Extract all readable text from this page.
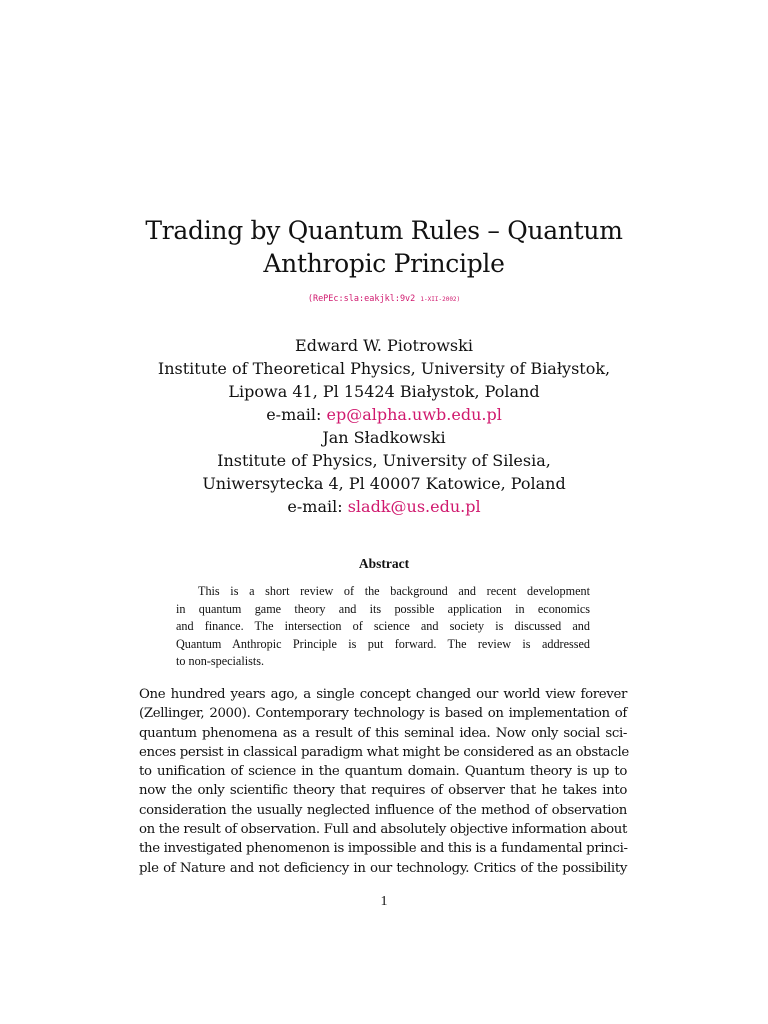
Trading by Quantum Rules – Quantum
Anthropic Principle
(RePEc:sla:eakjkl:9v2 1-XII-2002)
Edward W. Piotrowski
Institute of Theoretical Physics, University of Białystok,
Lipowa 41, Pl 15424 Białystok, Poland
e-mail: ep@alpha.uwb.edu.pl
Jan Sładkowski
Institute of Physics, University of Silesia,
Uniwersytecka 4, Pl 40007 Katowice, Poland
e-mail: sladk@us.edu.pl
Abstract
This is a short review of the background and recent development
in quantum game theory and its possible application in economics
and finance. The intersection of science and society is discussed and
Quantum Anthropic Principle is put forward. The review is addressed
to non-specialists.
One hundred years ago, a single concept changed our world view forever
(Zellinger, 2000). Contemporary technology is based on implementation of
quantum phenomena as a result of this seminal idea. Now only social sci-
ences persist in classical paradigm what might be considered as an obstacle
to unification of science in the quantum domain. Quantum theory is up to
now the only scientific theory that requires of observer that he takes into
consideration the usually neglected influence of the method of observation
on the result of observation. Full and absolutely objective information about
the investigated phenomenon is impossible and this is a fundamental princi-
ple of Nature and not deficiency in our technology. Critics of the possibility
1
